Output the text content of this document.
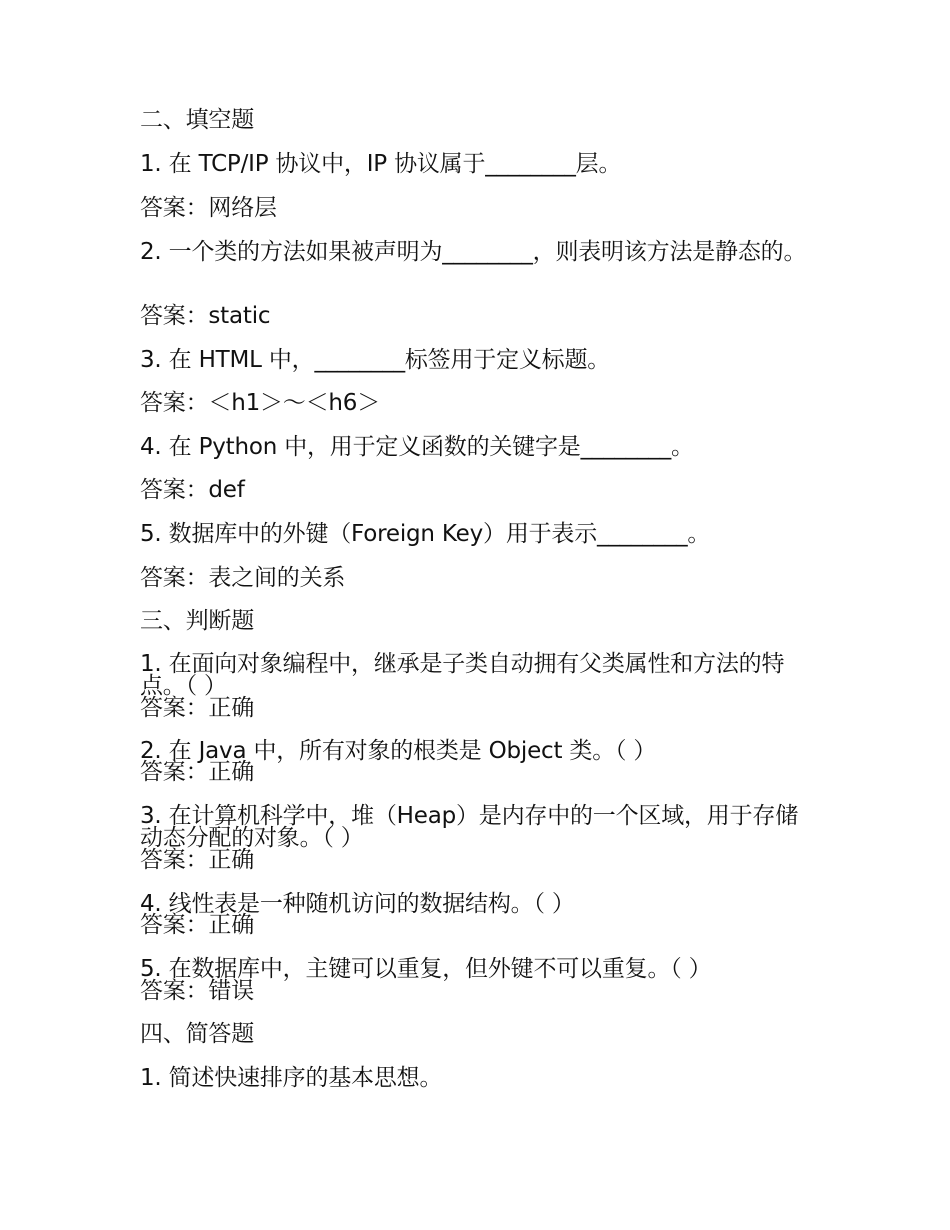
二、填空题
1. 在 TCP/IP 协议中，IP 协议属于________层。
答案：网络层
2. 一个类的方法如果被声明为________，则表明该方法是静态的。
答案：static
3. 在 HTML 中，________标签用于定义标题。
答案：＜h1＞～＜h6＞
4. 在 Python 中，用于定义函数的关键字是________。
答案：def
5. 数据库中的外键（Foreign Key）用于表示________。
答案：表之间的关系
三、判断题
1. 在面向对象编程中，继承是子类自动拥有父类属性和方法的特点。（ ）
答案：正确
2. 在 Java 中，所有对象的根类是 Object 类。（ ）
答案：正确
3. 在计算机科学中，堆（Heap）是内存中的一个区域，用于存储动态分配的对象。（ ）
答案：正确
4. 线性表是一种随机访问的数据结构。（ ）
答案：正确
5. 在数据库中，主键可以重复，但外键不可以重复。（ ）
答案：错误
四、简答题
1. 简述快速排序的基本思想。
